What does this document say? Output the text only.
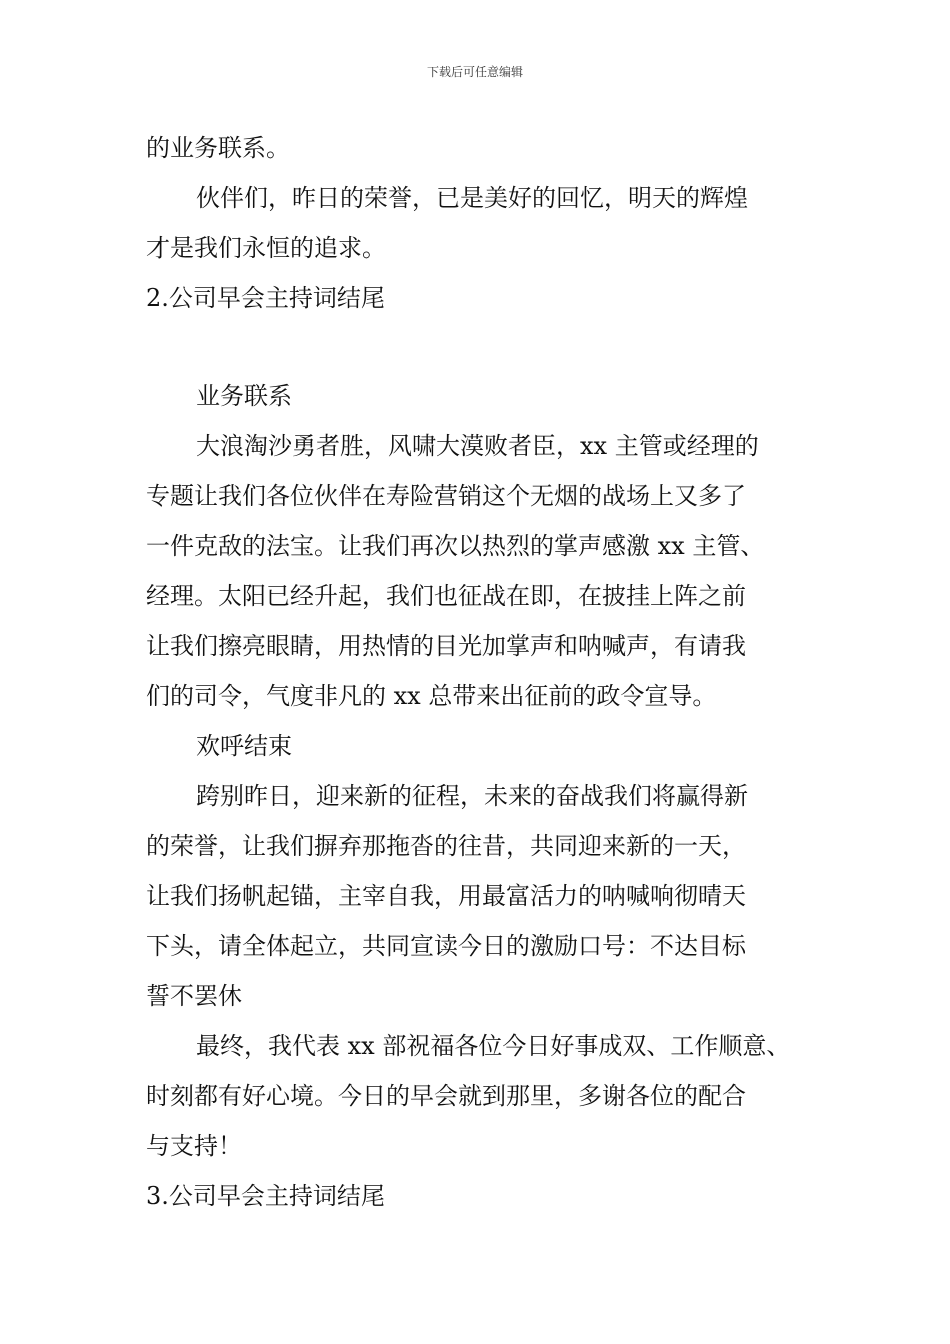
下载后可任意编辑
的业务联系。
伙伴们，昨日的荣誉，已是美好的回忆，明天的辉煌
才是我们永恒的追求。
2.公司早会主持词结尾
业务联系
大浪淘沙勇者胜，风啸大漠败者臣，xx 主管或经理的
专题让我们各位伙伴在寿险营销这个无烟的战场上又多了
一件克敌的法宝。让我们再次以热烈的掌声感激 xx 主管、
经理。太阳已经升起，我们也征战在即，在披挂上阵之前
让我们擦亮眼睛，用热情的目光加掌声和呐喊声，有请我
们的司令，气度非凡的 xx 总带来出征前的政令宣导。
欢呼结束
跨别昨日，迎来新的征程，未来的奋战我们将赢得新
的荣誉，让我们摒弃那拖沓的往昔，共同迎来新的一天，
让我们扬帆起锚，主宰自我，用最富活力的呐喊响彻晴天
下头，请全体起立，共同宣读今日的激励口号：不达目标
誓不罢休
最终，我代表 xx 部祝福各位今日好事成双、工作顺意、
时刻都有好心境。今日的早会就到那里，多谢各位的配合
与支持！
3.公司早会主持词结尾
